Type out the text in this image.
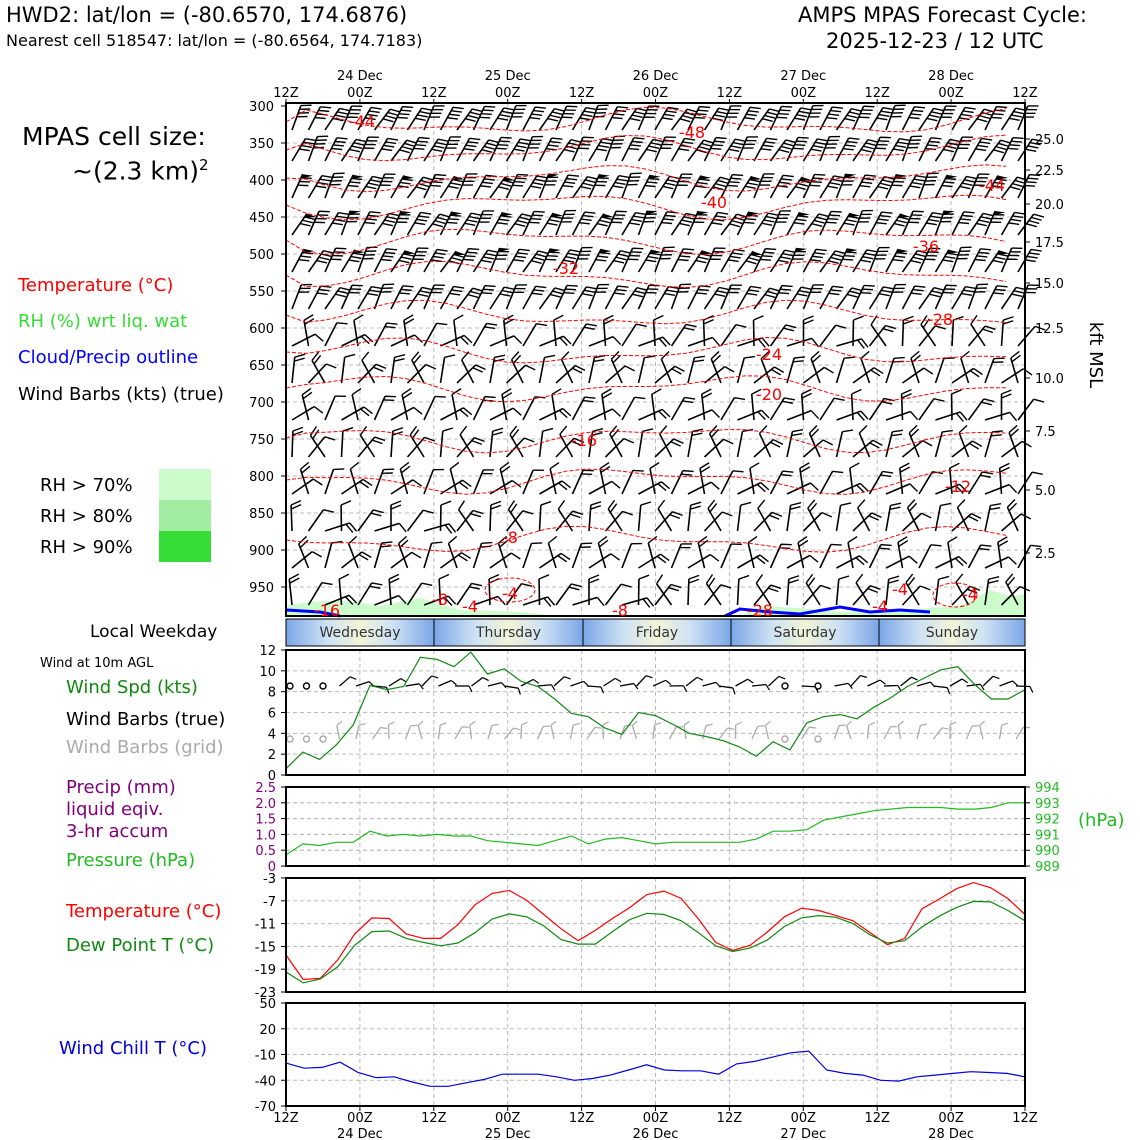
Wednesday	Thursday	Friday	Saturday	Sunday
300
350
400
450
500
550
600
650
700
750
800
850
900
950
25.0
22.5
20.0
17.5
15.0
12.5
10.0
7.5
5.0
2.5
kft MSL
-44
-48
-44
-40
-36
-32
-28
-24
-20
-16
-12
-8
-4
-4
-8
-4	-4
-4
-16	-28
-8
12Z	00Z	12Z	00Z	12Z	00Z	12Z	00Z	12Z	00Z	12Z
24 Dec	25 Dec	26 Dec	27 Dec	28 Dec
0
2
4
6
8
10
12
0
0.5
1.0
1.5
2.0
2.5
989
990
991
992
993
994
-3
-7
-11
-15
-19
-23
50
20
-10
-40
-70
12Z	00Z	12Z	00Z	12Z	00Z	12Z	00Z	12Z	00Z	12Z
24 Dec	25 Dec	26 Dec	27 Dec	28 Dec
HWD2: lat/lon = (-80.6570, 174.6876)
Nearest cell 518547: lat/lon = (-80.6564, 174.7183)
AMPS MPAS Forecast Cycle:
2025-12-23 / 12 UTC
MPAS cell size:
~(2.3 km)$^2$
Temperature (°C)
RH (%) wrt liq. wat
Cloud/Precip outline
Wind Barbs (kts) (true)
RH > 70%
RH > 80%
RH > 90%
Local Weekday
Wind at 10m AGL
Wind Spd (kts)
Wind Barbs (true)
Wind Barbs (grid)
Precip (mm)
liquid eqiv.
3-hr accum
Pressure (hPa)
(hPa)
Temperature (°C)
Dew Point T (°C)
Wind Chill T (°C)
